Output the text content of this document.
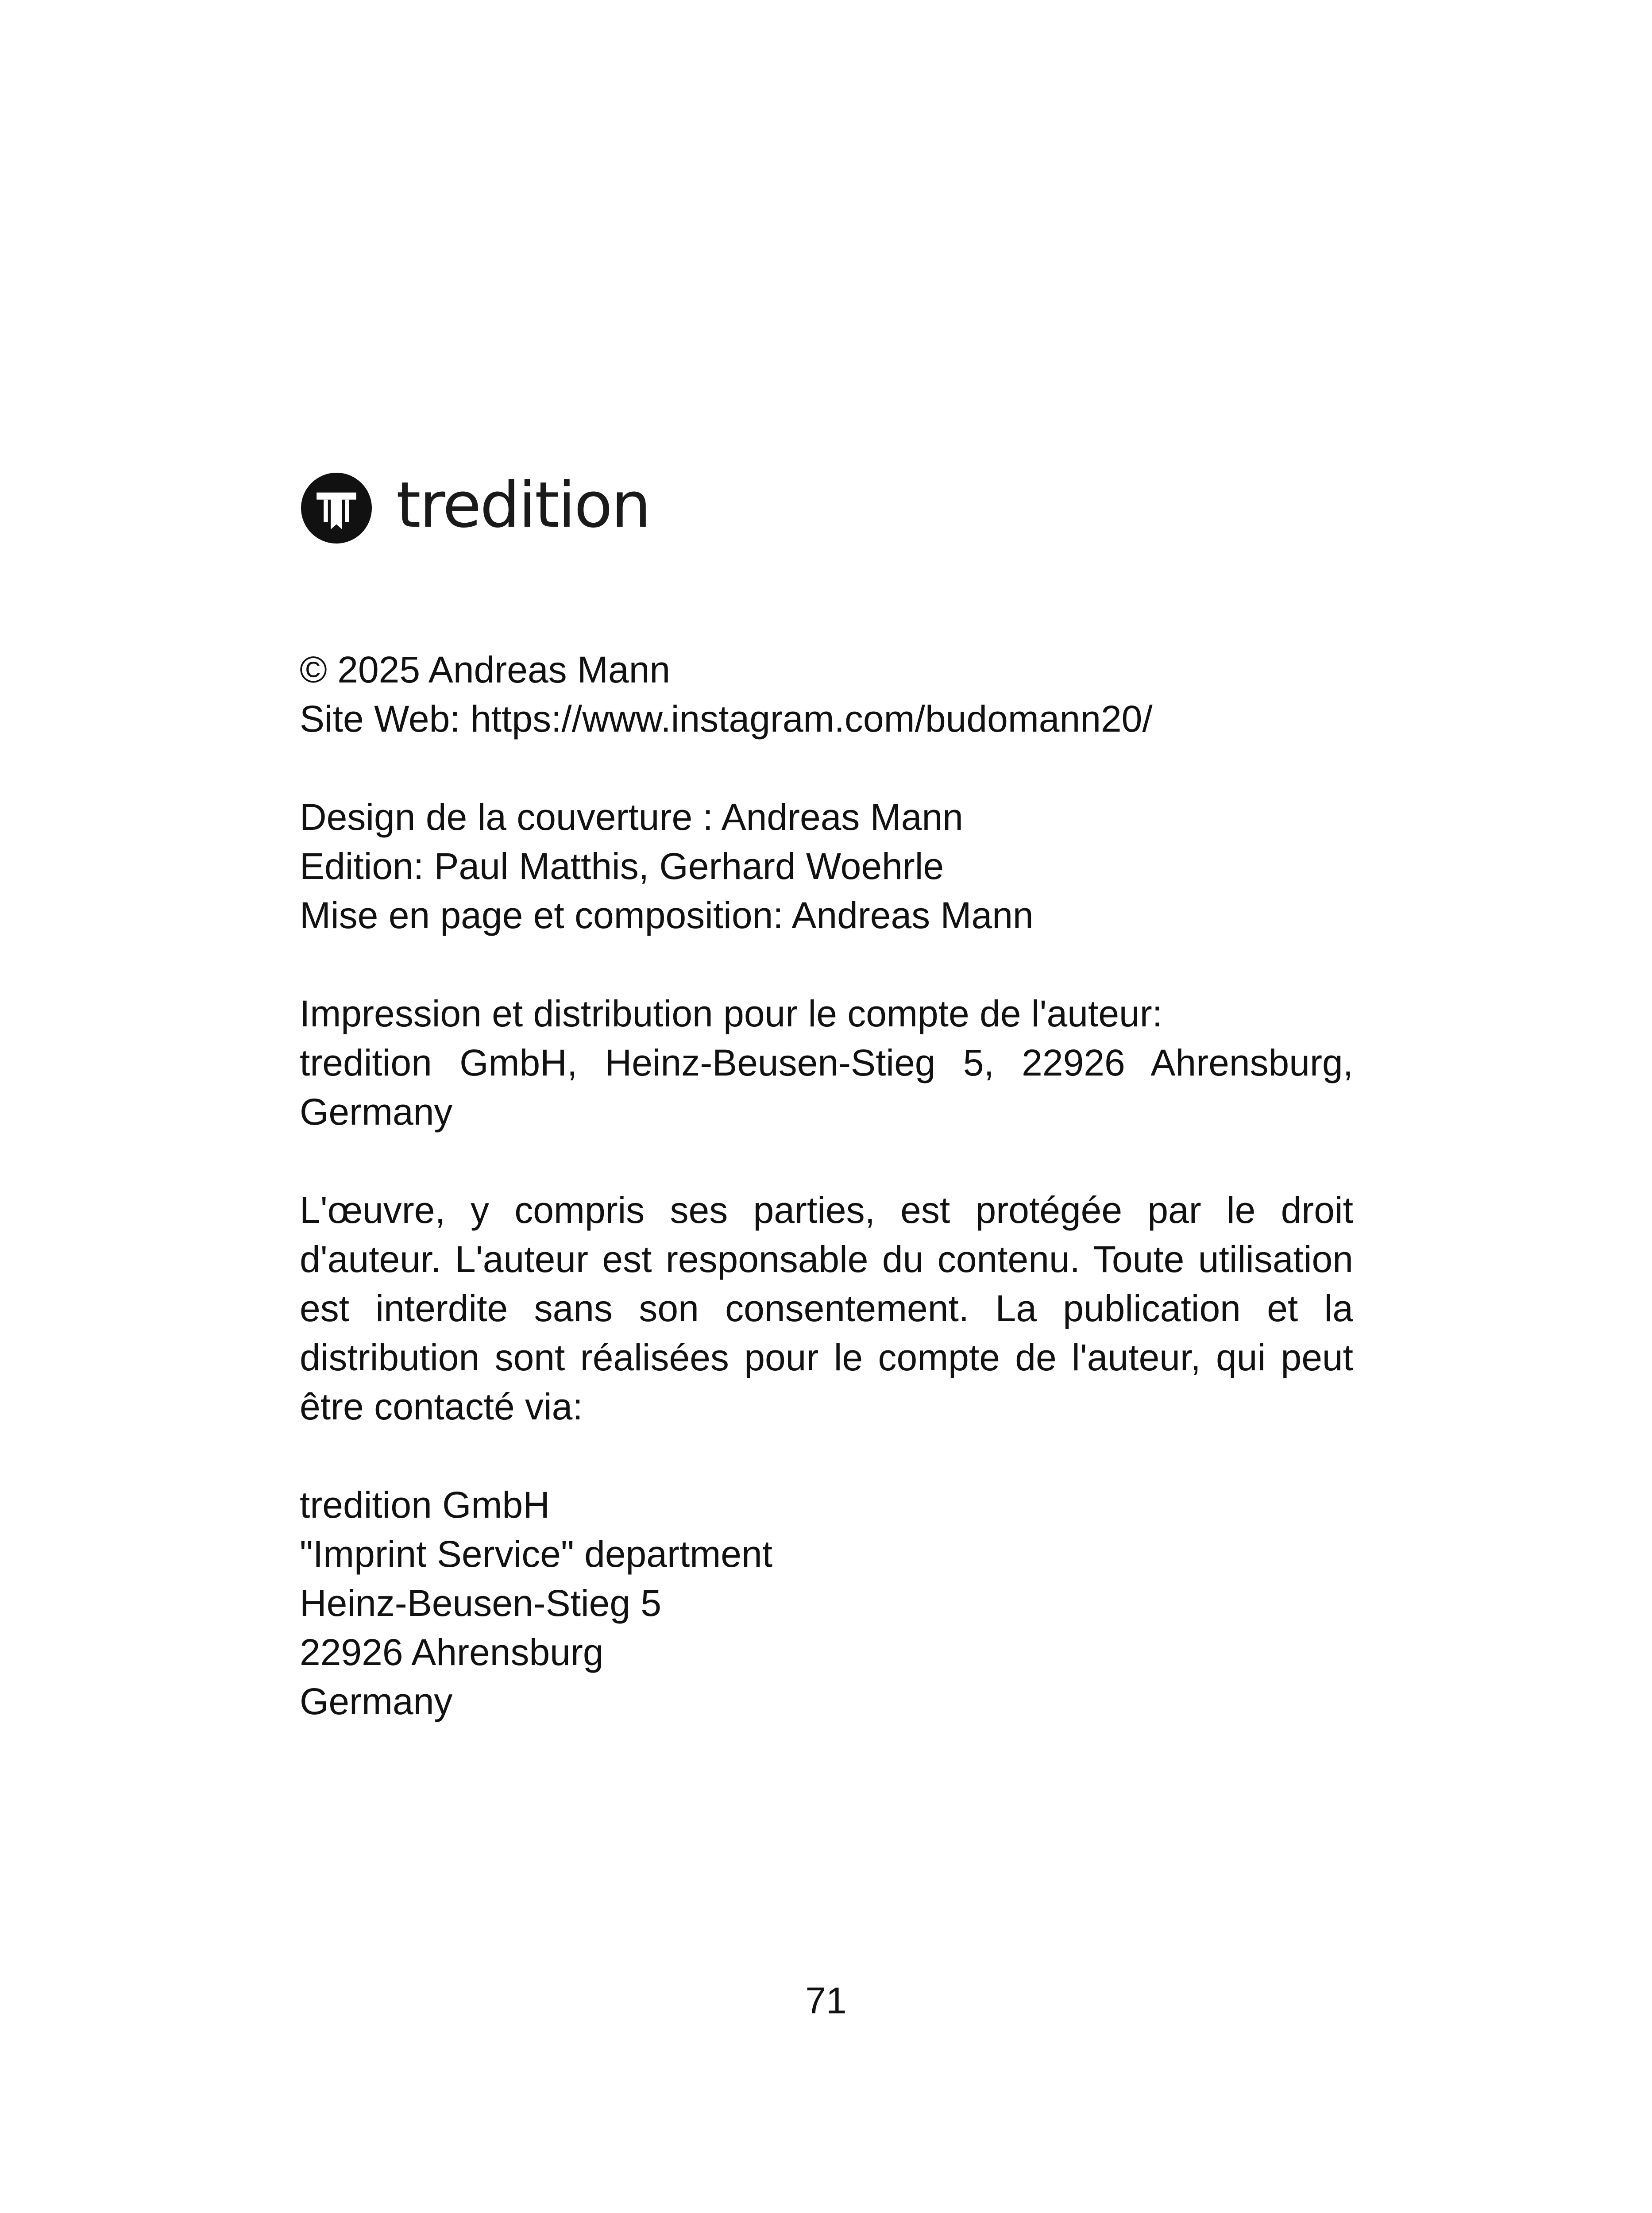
tredition
© 2025 Andreas Mann
Site Web: https://www.instagram.com/budomann20/
Design de la couverture : Andreas Mann
Edition: Paul Matthis, Gerhard Woehrle
Mise en page et composition: Andreas Mann
Impression et distribution pour le compte de l'auteur:
tredition GmbH, Heinz-Beusen-Stieg 5, 22926 Ahrensburg, Germany
L'œuvre, y compris ses parties, est protégée par le droit d'auteur. L'auteur est responsable du contenu. Toute utilisation est interdite sans son consentement. La publication et la distribution sont réalisées pour le compte de l'auteur, qui peut être contacté via:
tredition GmbH
"Imprint Service" department
Heinz-Beusen-Stieg 5
22926 Ahrensburg
Germany
71
